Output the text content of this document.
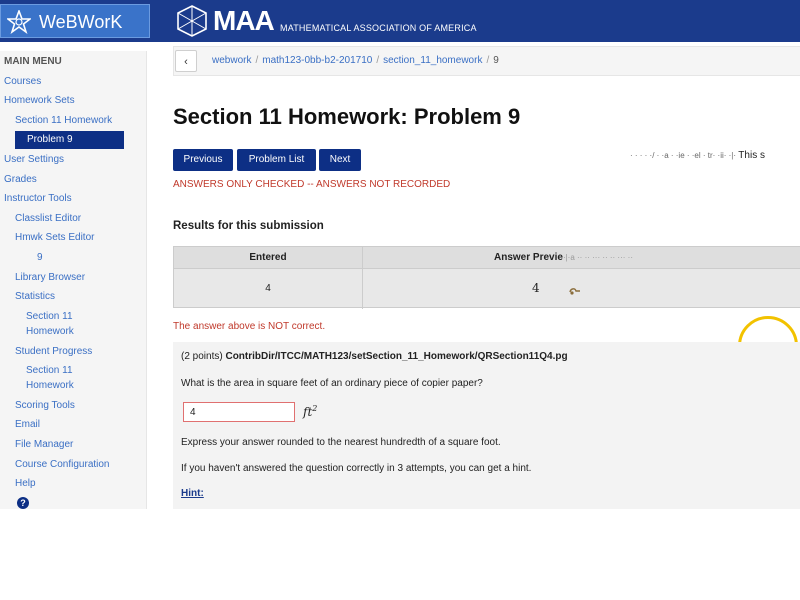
WeBWorK	MAA MATHEMATICAL ASSOCIATION OF AMERICA
MAIN MENU
Courses
Homework Sets
Section 11 Homework
Problem 9
User Settings
Grades
Instructor Tools
Classlist Editor
Hmwk Sets Editor
9
Library Browser
Statistics
Section 11
Homework
Student Progress
Section 11
Homework
Scoring Tools
Email
File Manager
Course Configuration
Help
?
‹	webwork / math123-0bb-b2-201710 / section_11_homework / 9
Section 11 Homework: Problem 9
Previous	Problem List	Next	· · · · ·/ · ·a · ·ie · ·el · tr· ·ii· ·|· This s
ANSWERS ONLY CHECKED -- ANSWERS NOT RECORDED
Results for this submission
Entered	Answer Previe·|·a ·· ·· ··· ·· ·· ··· ··
4	4
The answer above is NOT correct.
(2 points) ContribDir/ITCC/MATH123/setSection_11_Homework/QRSection11Q4.pg
What is the area in square feet of an ordinary piece of copier paper?
4
$ft^2$
Express your answer rounded to the nearest hundredth of a square foot.
If you haven't answered the question correctly in 3 attempts, you can get a hint.
Hint:
